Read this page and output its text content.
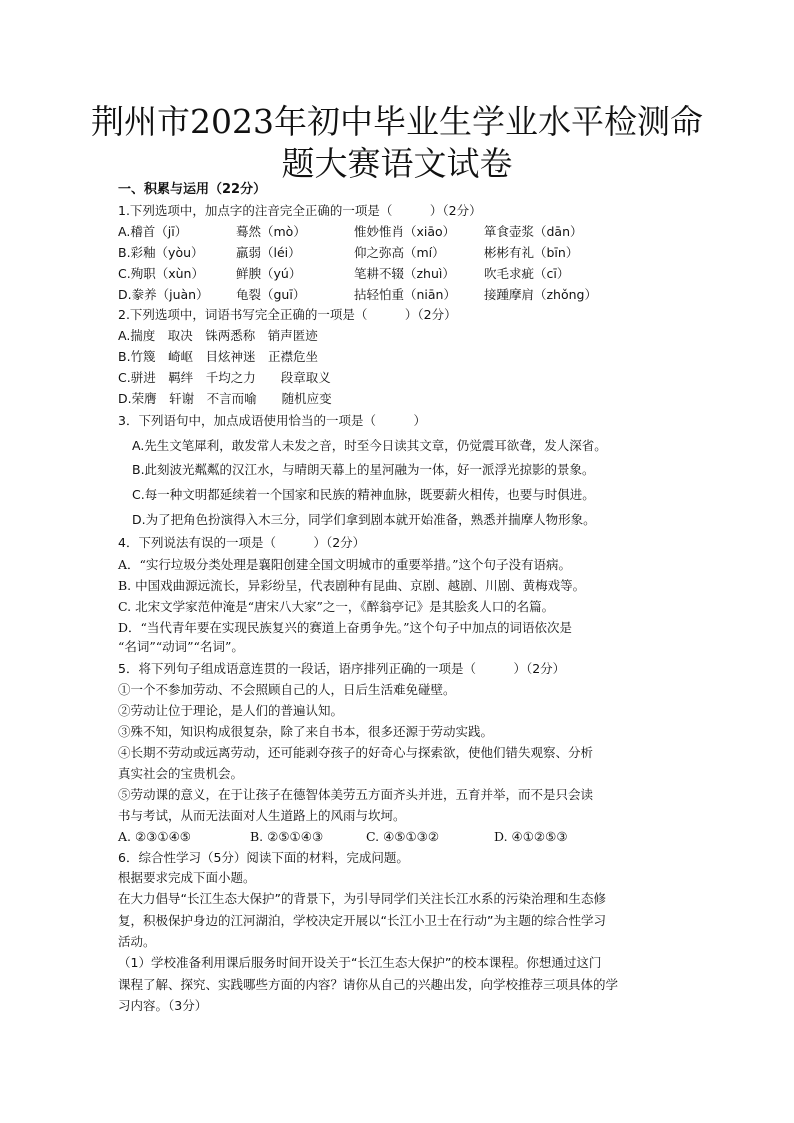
荆州市2023年初中毕业生学业水平检测命
题大赛语文试卷
一、积累与运用（22分）
1.下列选项中，加点字的注音完全正确的一项是（　　　）（2分）
A.稽首（jī）	蓦然（mò）	惟妙惟肖（xiāo） 箪食壶浆（dān）
B.彩釉（yòu）	羸弱（léi）	仰之弥高（mí）	彬彬有礼（bīn）
C.殉职（xùn）	鲜腴（yú）	笔耕不辍（zhuì） 吹毛求疵（cī）
D.豢养（juàn） 龟裂（guī）	拈轻怕重（niān） 接踵摩肩（zhǒng）
2.下列选项中，词语书写完全正确的一项是（　　　）（2分）
A.揣度　取决　铢两悉称　销声匿迹
B.竹篾　崎岖　目炫神迷　正襟危坐
C.骈进　羁绊　千均之力　　段章取义
D.荣膺　轩谢　不言而喻　　随机应变
3．下列语句中，加点成语使用恰当的一项是（　　　）
A.先生文笔犀利，敢发常人未发之音，时至今日读其文章，仍觉震耳欲聋，发人深省。
B.此刻波光粼粼的汉江水，与晴朗天幕上的星河融为一体，好一派浮光掠影的景象。
C.每一种文明都延续着一个国家和民族的精神血脉，既要薪火相传，也要与时俱进。
D.为了把角色扮演得入木三分，同学们拿到剧本就开始准备，熟悉并揣摩人物形象。
4．下列说法有误的一项是（　　　）（2分）
A．“实行垃圾分类处理是襄阳创建全国文明城市的重要举措。”这个句子没有语病。
B. 中国戏曲源远流长，异彩纷呈，代表剧种有昆曲、京剧、越剧、川剧、黄梅戏等。
C. 北宋文学家范仲淹是“唐宋八大家”之一，《醉翁亭记》是其脍炙人口的名篇。
D．“当代青年要在实现民族复兴的赛道上奋勇争先。”这个句子中加点的词语依次是
“名词”“动词”“名词”。
5．将下列句子组成语意连贯的一段话，语序排列正确的一项是（　　　）（2分）
①一个不参加劳动、不会照顾自己的人，日后生活难免碰壁。
②劳动让位于理论，是人们的普遍认知。
③殊不知，知识构成很复杂，除了来自书本，很多还源于劳动实践。
④长期不劳动或远离劳动，还可能剥夺孩子的好奇心与探索欲，使他们错失观察、分析
真实社会的宝贵机会。
⑤劳动课的意义，在于让孩子在德智体美劳五方面齐头并进，五育并举，而不是只会读
书与考试，从而无法面对人生道路上的风雨与坎坷。
A. ②③①④⑤	B. ②⑤①④③	C. ④⑤①③②	D. ④①②⑤③
6．综合性学习（5分）阅读下面的材料，完成问题。
根据要求完成下面小题。
在大力倡导“长江生态大保护”的背景下，为引导同学们关注长江水系的污染治理和生态修
复，积极保护身边的江河湖泊，学校决定开展以“长江小卫士在行动”为主题的综合性学习
活动。
（1）学校准备利用课后服务时间开设关于“长江生态大保护”的校本课程。你想通过这门
课程了解、探究、实践哪些方面的内容？请你从自己的兴趣出发，向学校推荐三项具体的学
习内容。（3分）
